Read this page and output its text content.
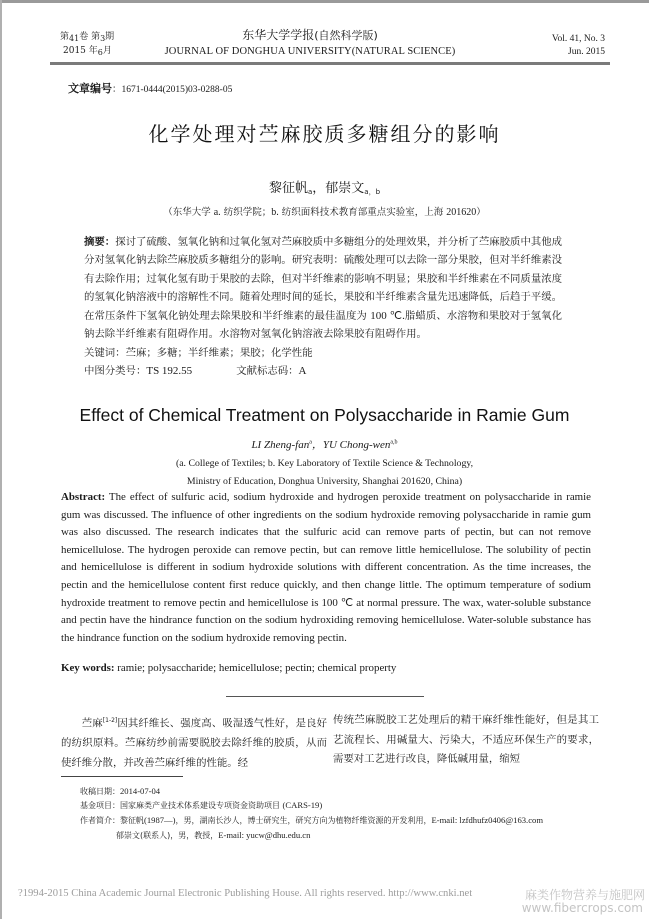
第$_{41}$卷 第$_3$期
2015 年$_6$月
东华大学学报(自然科学版)
JOURNAL OF DONGHUA UNIVERSITY(NATURAL SCIENCE)
Vol. 41, No. 3
Jun. 2015
文章编号：1671-0444(2015)03-0288-05
化学处理对苎麻胶质多糖组分的影响
黎征帆$^a$，郁崇文$^{a,b}$
（东华大学 a. 纺织学院；b. 纺织面料技术教育部重点实验室，上海 201620）
摘要：探讨了硫酸、氢氧化钠和过氧化氢对苎麻胶质中多糖组分的处理效果，并分析了苎麻胶质中其他成分对氢氧化钠去除苎麻胶质多糖组分的影响。研究表明：硫酸处理可以去除一部分果胶，但对半纤维素没有去除作用；过氧化氢有助于果胶的去除，但对半纤维素的影响不明显；果胶和半纤维素在不同质量浓度的氢氧化钠溶液中的溶解性不同。随着处理时间的延长，果胶和半纤维素含量先迅速降低，后趋于平缓。在常压条件下氢氧化钠处理去除果胶和半纤维素的最佳温度为 100 ℃.脂蜡质、水溶物和果胶对于氢氧化钠去除半纤维素有阻碍作用。水溶物对氢氧化钠溶液去除果胶有阻碍作用。
关键词：苎麻；多糖；半纤维素；果胶；化学性能
中图分类号：TS 192.55	文献标志码：A
Effect of Chemical Treatment on Polysaccharide in Ramie Gum
LI Zheng-fan$^a$，YU Chong-wen$^{a,b}$
(a. College of Textiles; b. Key Laboratory of Textile Science & Technology,
Ministry of Education, Donghua University, Shanghai 201620, China)
Abstract: The effect of sulfuric acid, sodium hydroxide and hydrogen peroxide treatment on polysaccharide in ramie gum was discussed. The influence of other ingredients on the sodium hydroxide removing polysaccharide in ramie gum was also discussed. The research indicates that the sulfuric acid can remove parts of pectin, but can not remove hemicellulose. The hydrogen peroxide can remove pectin, but can remove little hemicellulose. The solubility of pectin and hemicellulose is different in sodium hydroxide solutions with different concentration. As the time increases, the pectin and the hemicellulose content first reduce quickly, and then change little. The optimum temperature of sodium hydroxide treatment to remove pectin and hemicellulose is 100 ℃ at normal pressure. The wax, water-soluble substance and pectin have the hindrance function on the sodium hydroxiding removing hemicellulose. Water-soluble substance has the hindrance function on the sodium hydroxide removing pectin.
Key words: ramie; polysaccharide; hemicellulose; pectin; chemical property

苎麻[1-2]因其纤维长、强度高、吸湿透气性好，是良好的纺织原料。苎麻纺纱前需要脱胶去除纤维的胶质，从而使纤维分散，并改善苎麻纤维的性能。经

传统苎麻脱胶工艺处理后的精干麻纤维性能好，但是其工艺流程长、用碱量大、污染大，不适应环保生产的要求，需要对工艺进行改良，降低碱用量，缩短

收稿日期：2014-07-04
基金项目：国家麻类产业技术体系建设专项资金资助项目 (CARS-19)
作者简介：黎征帆(1987—)，男，湖南长沙人，博士研究生，研究方向为植物纤维资源的开发利用，E-mail: lzfdhufz0406@163.com
郁崇文(联系人)，男，教授，E-mail: yucw@dhu.edu.cn
?1994-2015 China Academic Journal Electronic Publishing House. All rights reserved. http://www.cnki.net	麻类作物营养与施肥网
www.fibercrops.com
